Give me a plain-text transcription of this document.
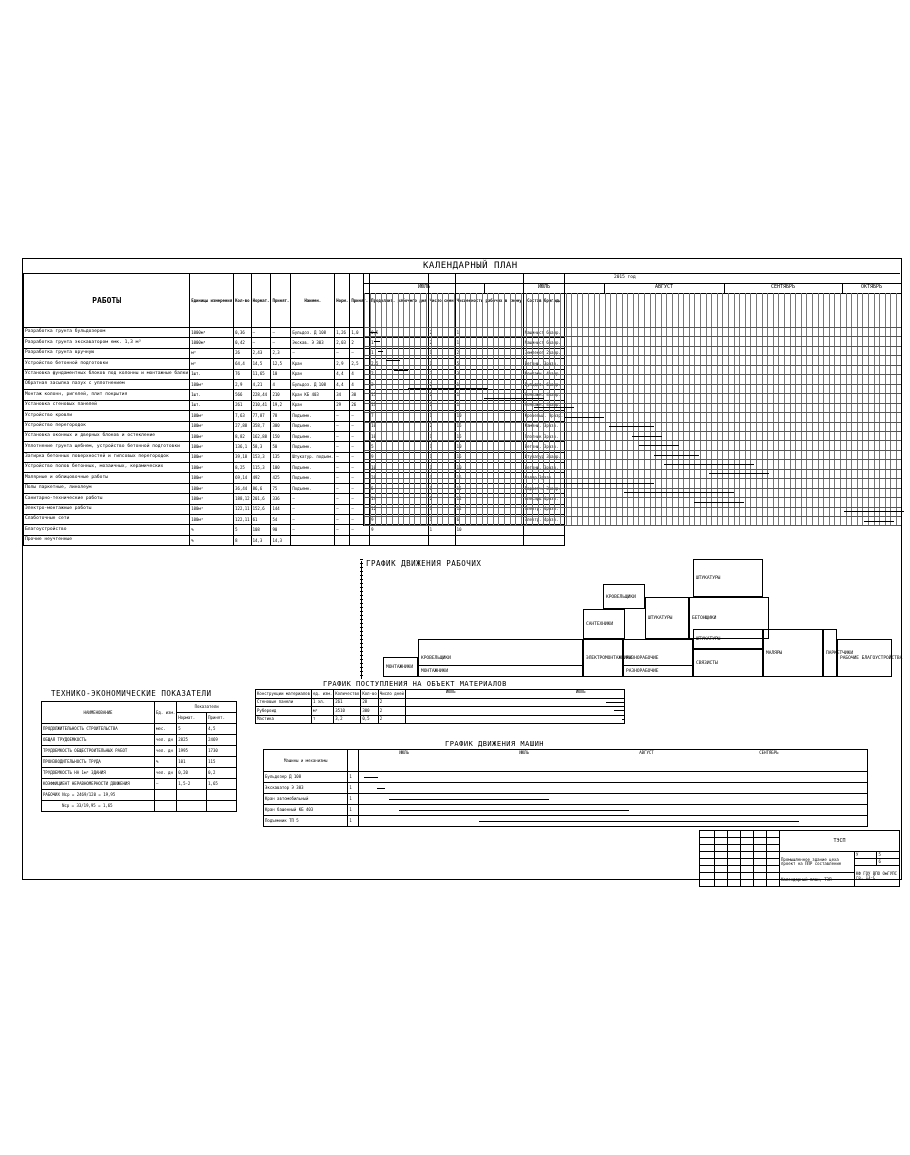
КАЛЕНДАРНЫЙ ПЛАН
РАБОТЫ	Единицы измерения	Кол-во	Нормат.	Принят.	Наимен.	Норм.	Принят.	Продолжит. рабочего дня	Число смен	Численность рабочих в смену	Состав бригады
Разработка грунта бульдозером	1000м³	0,36	—	—	Бульдоз. Д 108	1,26	1,0	0,5	2	1	Машинист 6разр.
Разработка грунта экскаватором емк. 1,3 м³	1000м³	0,42	—	—	Экскав. Э 303	2,03	2	1	2	1	Машинист 6разр.
Разработка грунта вручную	м³	26	2,43	2,3	—	—	—	1	1	2	Землекоп 2разр.
Устройство бетонной подготовки	м³	64,4	14,5	12,5	Кран	2,9	2,5	2,5	1	5	Бетонщ. 3разр.
Установка фундаментных блоков под колонны и монтажные балки	1шт.	76	11,65	10	Кран	4,4	4	2	2	3	Монтажн. 4разр.
Обратная засыпка пазух с уплотнением	100м³	2,9	4,21	4	Бульдоз. Д 108	4,4	4	2	2	1	Бульдоз. 6разр.
Монтаж колонн, ригелей, плит покрытия	1шт.	566	228,44	210	Кран КБ 403	34	30	15	2	1	Монтажн. 4разр.
Установка стеновых панелей	1шт.	261	210,41	19,2	Кран	29	26	13	2	1	Монтажн. 4разр.
Устройство кровли	100м²	7,63	77,87	78	Подъемн.	—	—	7	1	10	Кровельщ. 3разр.
Устройство перегородок	100м²	27,88	358,7	300	Подъемн.	—	—	10	2	15	Каменщ. 3разр.
Установка оконных и дверных блоков и остекление	100м²	8,82	162,88	150	Подъемн.	—	—	10	1	15	Плотник 3разр.
Уплотнение грунта щебнем, устройство бетонной подготовки	100м²	136,1	58,3	50	Подъемн.	—	—	5	1	10	Бетонщ. 3разр.
Затирка бетонных поверхностей и гипсовых перегородок	100м²	39,18	153,3	135	Штукатур. подъем.	—	—	9	1	15	Штукатур 3разр.
Устройство полов бетонных, мозаичных, керамических	100м²	8,25	115,3	100	Подъемн.	—	—	10	1	10	Бетонщ. 3разр.
Малярные и облицовочные работы	100м²	69,14	492	425	Подъемн.	—	—	28	1	15	Маляр 3разр.
Полы паркетные, линолеум	100м²	36,44	86,6	75	Подъемн.	—	—	5	1	15	Паркетч. 3разр.
Санитарно-технические работы	100м³	188,12	201,6	336	—	—	—	14	2	12	Слесарь 4разр.
Электро-монтажные работы	100м³	122,11	152,6	144	—	—	—	12	1	12	Электр. 4разр.
Слаботочные сети	100м³	122,11	61	54	—	—	—	9	1	6	Электр. 4разр.
Благоустройство	%	5	108	90	—	—	—	9	1	10	
Прочие неучтенные	%	8	14,3	14,3							
2015 год
ИЮЛЬ	ИЮЛЬ	АВГУСТ	СЕНТЯБРЬ	ОКТЯБРЬ
ГРАФИК ДВИЖЕНИЯ РАБОЧИХ
МОНТАЖНИКИ
КРОВЕЛЬЩИКИ	ЭЛЕКТРОМОНТАЖНИКИ
РАЗНОРАБОЧИЕ
РАЗНОРАБОЧИЕ
МОНТАЖНИКИ
САНТЕХНИКИ
КРОВЕЛЬЩИКИ
ШТУКАТУРЫ
ШТУКАТУРЫ
БЕТОНЩИКИ
ШТУКАТУРЫ
СВЯЗИСТЫ
МАЛЯРЫ	ПАРКЕТЧИКИ
РАБОЧИЕ БЛАГОУСТРОЙСТВА
ГРАФИК ПОСТУПЛЕНИЯ НА ОБЪЕКТ МАТЕРИАЛОВ
Конструкции материалов	ед. изм.	Количество	Кол-во	Число дней	ИЮЛЬ ИЮЛЬ

Стеновые панели	1 эл.	261	28	2	

Рубероид	м²	3510	300	2	

Мастика	т	3,2	0,5	2	
ТЕХНИКО-ЭКОНОМИЧЕСКИЕ ПОКАЗАТЕЛИ
НАИМЕНОВАНИЕ	Ед. изм.	Показатели	
		Нормат.	Принят.
ПРОДОЛЖИТЕЛЬНОСТЬ СТРОИТЕЛЬСТВА	мес.	5	4,5
ОБЩАЯ ТРУДОЕМКОСТЬ	чел. дн	2825	2469
ТРУДОЕМКОСТЬ ОБЩЕСТРОИТЕЛЬНЫХ РАБОТ	чел. дн	1995	1730
ПРОИЗВОДИТЕЛЬНОСТЬ ТРУДА	%	101	115
ТРУДОЕМКОСТЬ НА 1м³ ЗДАНИЯ	чел. дн	0,20	0,2
КОЭФФИЦИЕНТ НЕРАВНОМЕРНОСТИ ДВИЖЕНИЯ	—	1,5-2	1,65
РАБОЧИХ Nср = 2469/120 = 19,95			
Nср = 33/19,95 = 1,65			
ГРАФИК ДВИЖЕНИЯ МАШИН
Машины и механизмы		ИЮЛЬ ИЮЛЬ АВГУСТ СЕНТЯБРЬ

Бульдозер Д 108	1	

Экскаватор Э 303	1	

Кран автомобильный	1	

Кран башенный КБ 403	1	

Подъемник ТП 5	1	
						ТЭСП		

						Промышленное здание цеха проект на ППР составление	У	5
								6
							КФ ГОУ ВПО ОмГУПС гр. 13-С	
						Календарный план, ТЭП		
